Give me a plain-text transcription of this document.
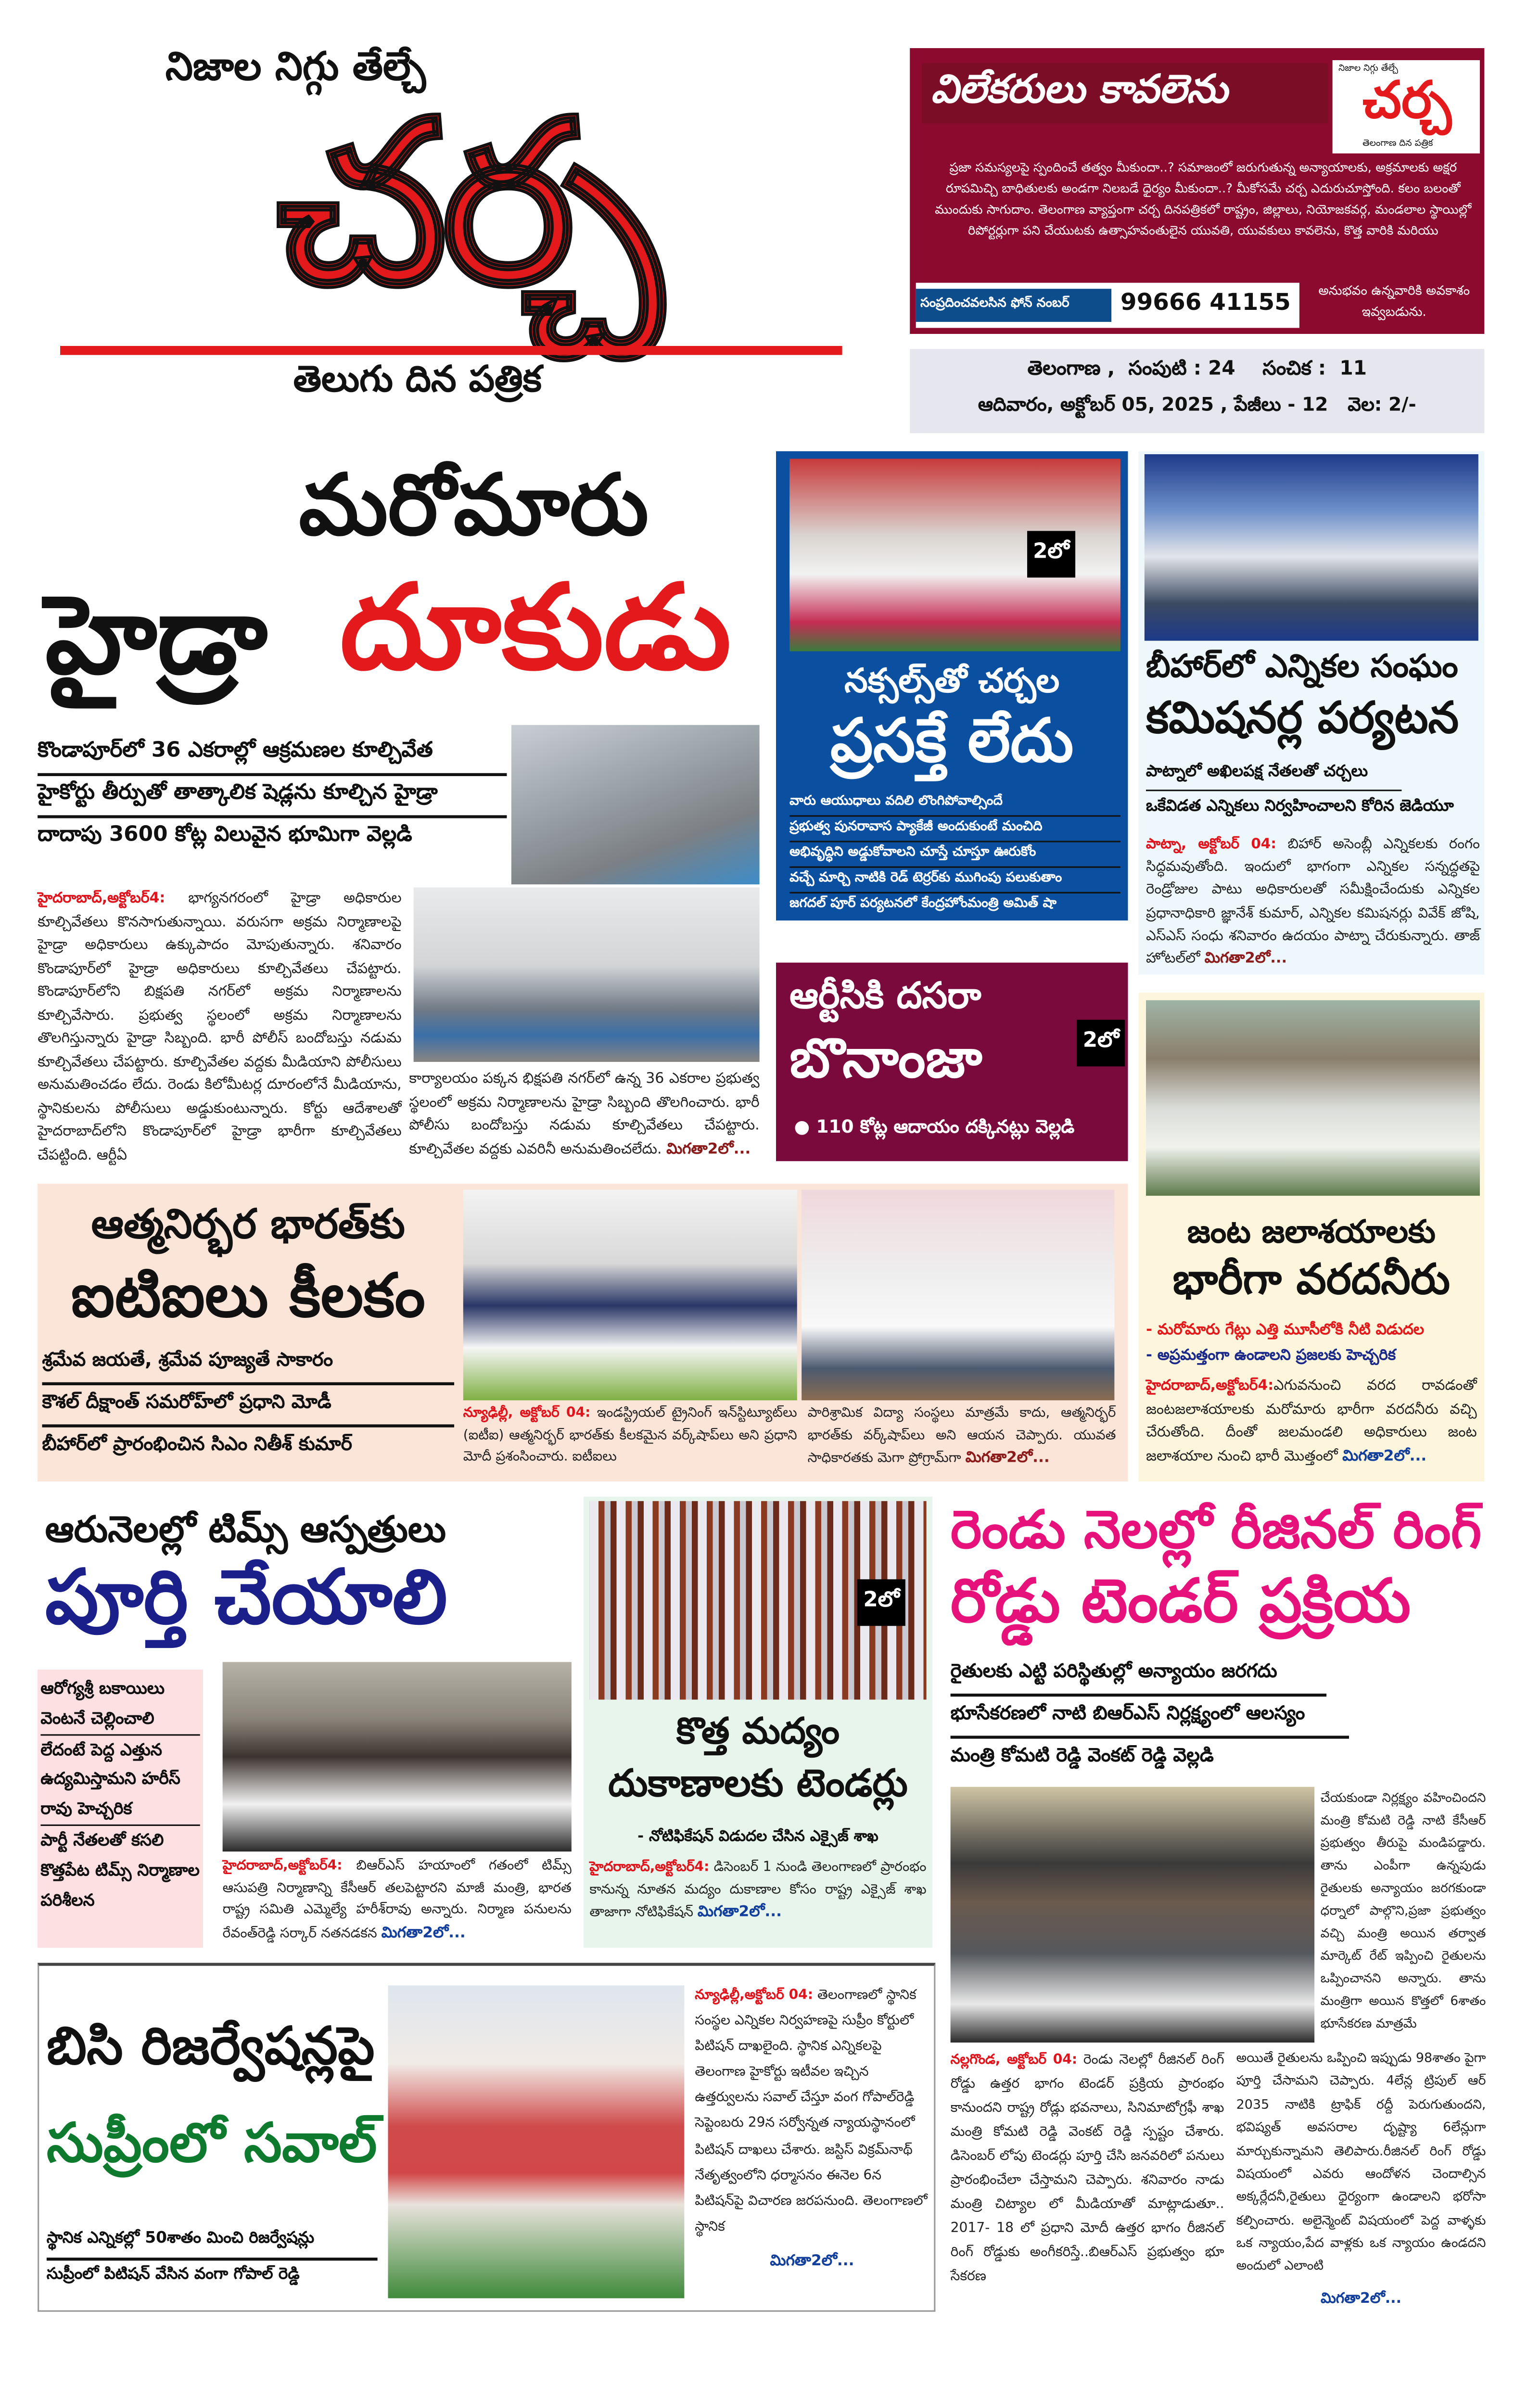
నిజాల నిగ్గు తేల్చే
చర్చ
తెలుగు దిన పత్రిక
విలేకరులు కావలెను	నిజాల నిగ్గు తేల్చే
చర్చ
తెలంగాణ దిన పత్రిక
ప్రజా సమస్యలపై స్పందించే తత్వం మీకుందా..? సమాజంలో జరుగుతున్న అన్యాయాలకు, అక్రమాలకు అక్షర రూపమిచ్చి బాధితులకు అండగా నిలబడే ధైర్యం మీకుందా..? మీకోసమే చర్చ ఎదురుచూస్తోంది. కలం బలంతో ముందుకు సాగుదాం. తెలంగాణ వ్యాప్తంగా చర్చ దినపత్రికలో రాష్ట్రం, జిల్లాలు, నియోజకవర్గ, మండలాల స్థాయిల్లో రిపోర్టర్లుగా పని చేయుటకు ఉత్సాహవంతులైన యువతి, యువకులు కావలెను, కొత్త వారికి మరియు
సంప్రదించవలసిన ఫోన్ నంబర్	99666 41155	అనుభవం ఉన్నవారికి అవకాశం ఇవ్వబడును.
తెలంగాణ ,  సంపుటి : 24    సంచిక :  11
ఆదివారం, అక్టోబర్ 05, 2025 , పేజీలు - 12   వెల: 2/-
మరోమారు
హైడ్రా	దూకుడు
కొండాపూర్‌లో 36 ఎకరాల్లో ఆక్రమణల కూల్చివేత
హైకోర్టు తీర్పుతో తాత్కాలిక షెడ్లను కూల్చిన హైడ్రా
దాదాపు 3600 కోట్ల విలువైన భూమిగా వెల్లడి
హైదరాబాద్,అక్టోబర్4:	భాగ్యనగరంలో హైడ్రా అధికారుల కూల్చివేతలు కొనసాగుతున్నాయి. వరుసగా అక్రమ నిర్మాణాలపై హైడ్రా అధికారులు ఉక్కుపాదం మోపుతున్నారు. శనివారం కొండాపూర్‌లో హైడ్రా అధికారులు కూల్చివేతలు చేపట్టారు. కొండాపూర్‌లోని బిక్షపతి నగర్‌లో అక్రమ నిర్మాణాలను కూల్చివేసారు. ప్రభుత్వ స్థలంలో అక్రమ నిర్మాణాలను తొలగిస్తున్నారు హైడ్రా సిబ్బంది. భారీ పోలీస్ బందోబస్తు నడుమ కూల్చివేతలు చేపట్టారు. కూల్చివేతల వద్దకు మీడియాని పోలీసులు అనుమతించడం లేదు. రెండు కిలోమీటర్ల దూరంలోనే మీడియాను, స్థానికులను పోలీసులు అడ్డుకుంటున్నారు. కోర్టు ఆదేశాలతో హైదరాబాద్‌లోని కొండాపూర్‌లో హైడ్రా భారీగా కూల్చివేతలు చేపట్టింది. ఆర్టీఏ
కార్యాలయం పక్కన భిక్షపతి నగర్‌లో ఉన్న 36 ఎకరాల ప్రభుత్వ స్థలంలో అక్రమ నిర్మాణాలను హైడ్రా సిబ్బంది తొలగించారు. భారీ పోలీసు బందోబస్తు నడుమ కూల్చివేతలు చేపట్టారు. కూల్చివేతల వద్దకు ఎవరినీ అనుమతించలేదు. మిగతా2లో...
2లో
నక్సల్స్‌తో చర్చల
ప్రసక్తే లేదు
వారు ఆయుధాలు వదిలి లొంగిపోవాల్సిందే
ప్రభుత్వ పునరావాస ప్యాకేజీ అందుకుంటే మంచిది
అభివృద్ధిని అడ్డుకోవాలని చూస్తే చూస్తూ ఊరుకోం
వచ్చే మార్చి నాటికి రెడ్ టెర్రర్‌కు ముగింపు పలుకుతాం
జగదల్ పూర్ పర్యటనలో కేంద్రహోంమంత్రి అమిత్ షా
ఆర్టీసికి దసరా
బొనాంజా	2లో
● 110 కోట్ల ఆదాయం దక్కినట్లు వెల్లడి
బీహార్‌లో ఎన్నికల సంఘం
కమిషనర్ల పర్యటన
పాట్నాలో అఖిలపక్ష నేతలతో చర్చలు
ఒకేవిడత ఎన్నికలు నిర్వహించాలని కోరిన జెడియూ
పాట్నా, అక్టోబర్ 04:	బిహార్ అసెంబ్లీ ఎన్నికలకు రంగం సిద్ధమవుతోంది. ఇందులో భాగంగా ఎన్నికల సన్నద్ధతపై రెండ్రోజుల పాటు అధికారులతో సమీక్షించేందుకు ఎన్నికల ప్రధానాధికారి జ్ఞానేశ్ కుమార్, ఎన్నికల కమిషనర్లు వివేక్ జోషి, ఎస్ఎస్ సంధు శనివారం ఉదయం పాట్నా చేరుకున్నారు. తాజ్ హోటల్‌లో మిగతా2లో...
జంట జలాశయాలకు
భారీగా వరదనీరు
- మరోమారు గేట్లు ఎత్తి మూసీలోకి నీటి విడుదల
- అప్రమత్తంగా ఉండాలని ప్రజలకు హెచ్చరిక
హైదరాబాద్,అక్టోబర్4:ఎగువనుంచి వరద రావడంతో జంటజలాశయాలకు మరోమారు భారీగా వరదనీరు వచ్చి చేరుతోంది. దీంతో జలమండలి అధికారులు జంట జలాశయాల నుంచి భారీ మొత్తంలో మిగతా2లో...
ఆత్మనిర్భర భారత్‌కు
ఐటిఐలు కీలకం
శ్రమేవ జయతే, శ్రమేవ పూజ్యతే సాకారం
కౌశల్ దీక్షాంత్ సమరోహ్‌లో ప్రధాని మోడీ
బీహార్‌లో ప్రారంభించిన సిఎం నితీశ్ కుమార్
న్యూఢిల్లీ, అక్టోబర్ 04: ఇండస్ట్రియల్ ట్రైనింగ్ ఇన్‌స్టిట్యూట్‌లు (ఐటీఐ) ఆత్మనిర్భర్ భారత్‌కు కీలకమైన వర్క్‌షాప్‌లు అని ప్రధాని మోదీ ప్రశంసించారు. ఐటీఐలు
పారిశ్రామిక విద్యా సంస్థలు మాత్రమే కాదు, ఆత్మనిర్భర్ భారత్‌కు వర్క్‌షాప్‌లు అని ఆయన చెప్పారు. యువత సాధికారతకు మెగా ప్రోగ్రామ్‌గా మిగతా2లో...
ఆరునెలల్లో టిమ్స్ ఆస్పత్రులు
పూర్తి చేయాలి
ఆరోగ్యశ్రీ బకాయిలు వెంటనే చెల్లించాలి
లేదంటే పెద్ద ఎత్తున ఉద్యమిస్తామని హరీస్ రావు హెచ్చరిక
పార్టీ నేతలతో కసలి కొత్తపేట టిమ్స్ నిర్మాణాల పరిశీలన
హైదరాబాద్,అక్టోబర్4:	బిఆర్ఎస్ హయాంలో గతంలో టిమ్స్ ఆసుపత్రి నిర్మాణాన్ని కేసీఆర్ తలపెట్టారని మాజీ మంత్రి, భారత రాష్ట్ర సమితి ఎమ్మెల్యే హరీశ్‌రావు అన్నారు. నిర్మాణ పనులను రేవంత్‌రెడ్డి సర్కార్ నతనడకన మిగతా2లో...
2లో
కొత్త మద్యం
దుకాణాలకు టెండర్లు
- నోటిఫికేషన్ విడుదల చేసిన ఎక్సైజ్ శాఖ
హైదరాబాద్,అక్టోబర్4: డిసెంబర్ 1 నుండి తెలంగాణలో ప్రారంభం కానున్న నూతన మద్యం దుకాణాల కోసం రాష్ట్ర ఎక్సైజ్ శాఖ తాజాగా నోటిఫికేషన్ మిగతా2లో...
రెండు నెలల్లో రీజినల్ రింగ్
రోడ్డు టెండర్ ప్రక్రియ
రైతులకు ఎట్టి పరిస్థితుల్లో అన్యాయం జరగదు
భూసేకరణలో నాటి బిఆర్ఎస్ నిర్లక్ష్యంలో ఆలస్యం
మంత్రి కోమటి రెడ్డి వెంకట్ రెడ్డి వెల్లడి
చేయకుండా నిర్లక్ష్యం వహించిందని మంత్రి కోమటి రెడ్డి నాటి కేసీఆర్ ప్రభుత్వం తీరుపై మండిపడ్డారు. తాను ఎంపీగా ఉన్నపుడు రైతులకు అన్యాయం జరగకుండా ధర్నాలో పాల్గొని,ప్రజా ప్రభుత్వం వచ్చి మంత్రి అయిన తర్వాత మార్కెట్ రేట్ ఇప్పించి రైతులను ఒప్పించానని అన్నారు. తాను మంత్రిగా అయిన కొత్తలో 6శాతం భూసేకరణ మాత్రమే
నల్లగొండ, అక్టోబర్ 04: రెండు నెలల్లో రీజినల్ రింగ్ రోడ్డు ఉత్తర భాగం టెండర్ ప్రక్రియ ప్రారంభం కానుందని రాష్ట్ర రోడ్లు భవనాలు, సినిమాటోగ్రఫీ శాఖ మంత్రి కోమటి రెడ్డి వెంకట్ రెడ్డి స్పష్టం చేశారు. డిసెంబర్ లోపు టెండర్లు పూర్తి చేసి జనవరిలో పనులు ప్రారంభించేలా చేస్తామని చెప్పారు. శనివారం నాడు మంత్రి చిట్యాల లో మీడియాతో మాట్లాడుతూ.. 2017- 18 లో ప్రధాని మోదీ ఉత్తర భాగం రీజినల్ రింగ్ రోడ్డుకు అంగీకరిస్తే..బిఆర్ఎస్ ప్రభుత్వం భూ సేకరణ
అయితే రైతులను ఒప్పించి ఇప్పుడు 98శాతం పైగా పూర్తి చేసామని చెప్పారు. 4లేన్ల ట్రిపుల్ ఆర్ 2035 నాటికి ట్రాఫిక్ రద్దీ పెరుగుతుందని, భవిష్యత్ అవసరాల దృష్ట్యా 6లేన్లుగా మార్చుకున్నామని తెలిపారు.రీజినల్ రింగ్ రోడ్డు విషయంలో ఎవరు ఆందోళన చెందాల్సిన అక్కర్లేదనీ,రైతులు ధైర్యంగా ఉండాలని భరోసా కల్పించారు. అలైన్మెంట్ విషయంలో పెద్ద వాళ్ళకు ఒక న్యాయం,పేద వాళ్లకు ఒక న్యాయం ఉండదని అందులో ఎలాంటి
మిగతా2లో...
బిసి రిజర్వేషన్లపై
సుప్రీంలో సవాల్
స్థానిక ఎన్నికల్లో 50శాతం మించి రిజర్వేషన్లు
సుప్రీంలో పిటిషన్ వేసిన వంగా గోపాల్ రెడ్డి
న్యూఢిల్లీ,అక్టోబర్ 04: తెలంగాణలో స్థానిక సంస్థల ఎన్నికల నిర్వహణపై సుప్రీం కోర్టులో పిటిషన్ దాఖలైంది. స్థానిక ఎన్నికలపై తెలంగాణ హైకోర్టు ఇటీవల ఇచ్చిన ఉత్తర్వులను సవాల్ చేస్తూ వంగ గోపాల్‌రెడ్డి సెప్టెంబరు 29న సర్వోన్నత న్యాయస్థానంలో పిటిషన్ దాఖలు చేశారు. జస్టిస్ విక్రమ్‌నాథ్ నేతృత్వంలోని ధర్మాసనం ఈనెల 6న పిటిషన్‌పై విచారణ జరపనుంది. తెలంగాణలో స్థానిక
మిగతా2లో...
